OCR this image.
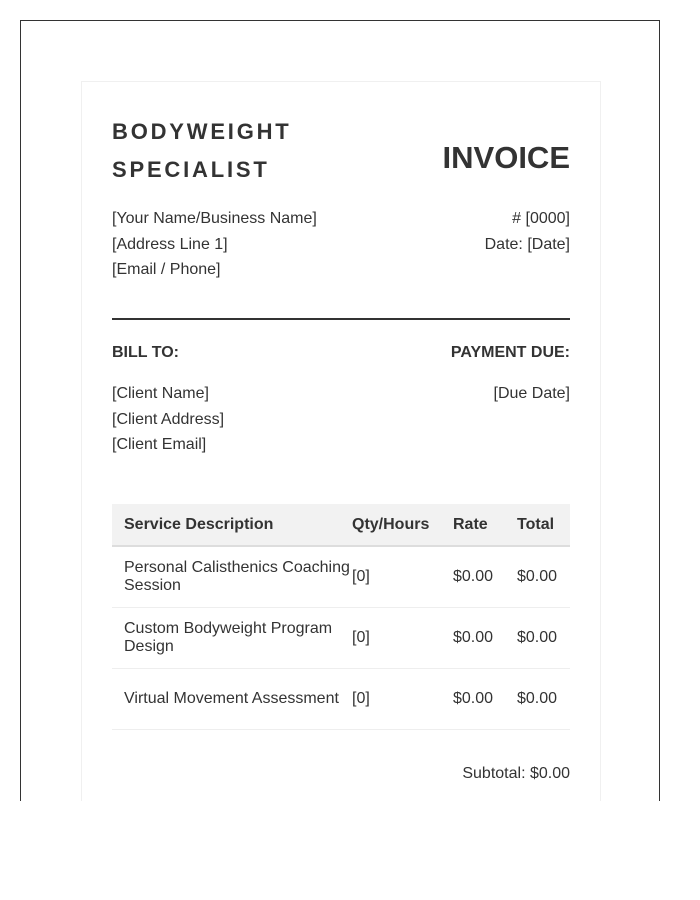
BODYWEIGHT SPECIALIST	INVOICE
[Your Name/Business Name]
[Address Line 1]
[Email / Phone]
# [0000]
Date: [Date]
BILL TO:	PAYMENT DUE:
[Client Name]
[Client Address]
[Client Email]
[Due Date]
Service Description	Qty/Hours	Rate	Total
Personal Calisthenics Coaching Session	[0]	$0.00	$0.00
Custom Bodyweight Program Design	[0]	$0.00	$0.00
Virtual Movement Assessment	[0]	$0.00	$0.00
Subtotal: $0.00
